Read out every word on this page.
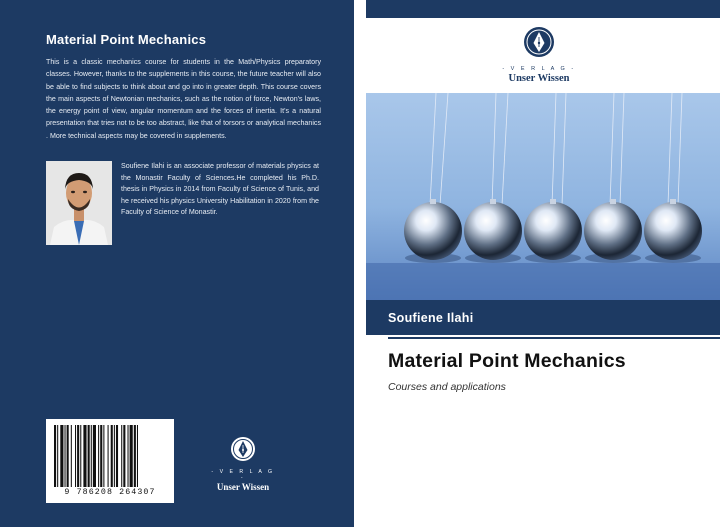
Material Point Mechanics
This is a classic mechanics course for students in the Math/Physics preparatory classes. However, thanks to the supplements in this course, the future teacher will also be able to find subjects to think about and go into in greater depth. This course covers the main aspects of Newtonian mechanics, such as the notion of force, Newton's laws, the energy point of view, angular momentum and the forces of inertia. It's a natural presentation that tries not to be too abstract, like that of torsors or analytical mechanics . More technical aspects may be covered in supplements.
Soufiene Ilahi is an associate professor of materials physics at the Monastir Faculty of Sciences.He completed his Ph.D. thesis in Physics in 2014 from Faculty of Science of Tunis, and he received his physics University Habilitation in 2020 from the Faculty of Science of Monastir.
9 786208 264307
- V E R L A G -
Unser Wissen
- V E R L A G -
Unser Wissen
Soufiene Ilahi
Material Point Mechanics
Courses and applications
